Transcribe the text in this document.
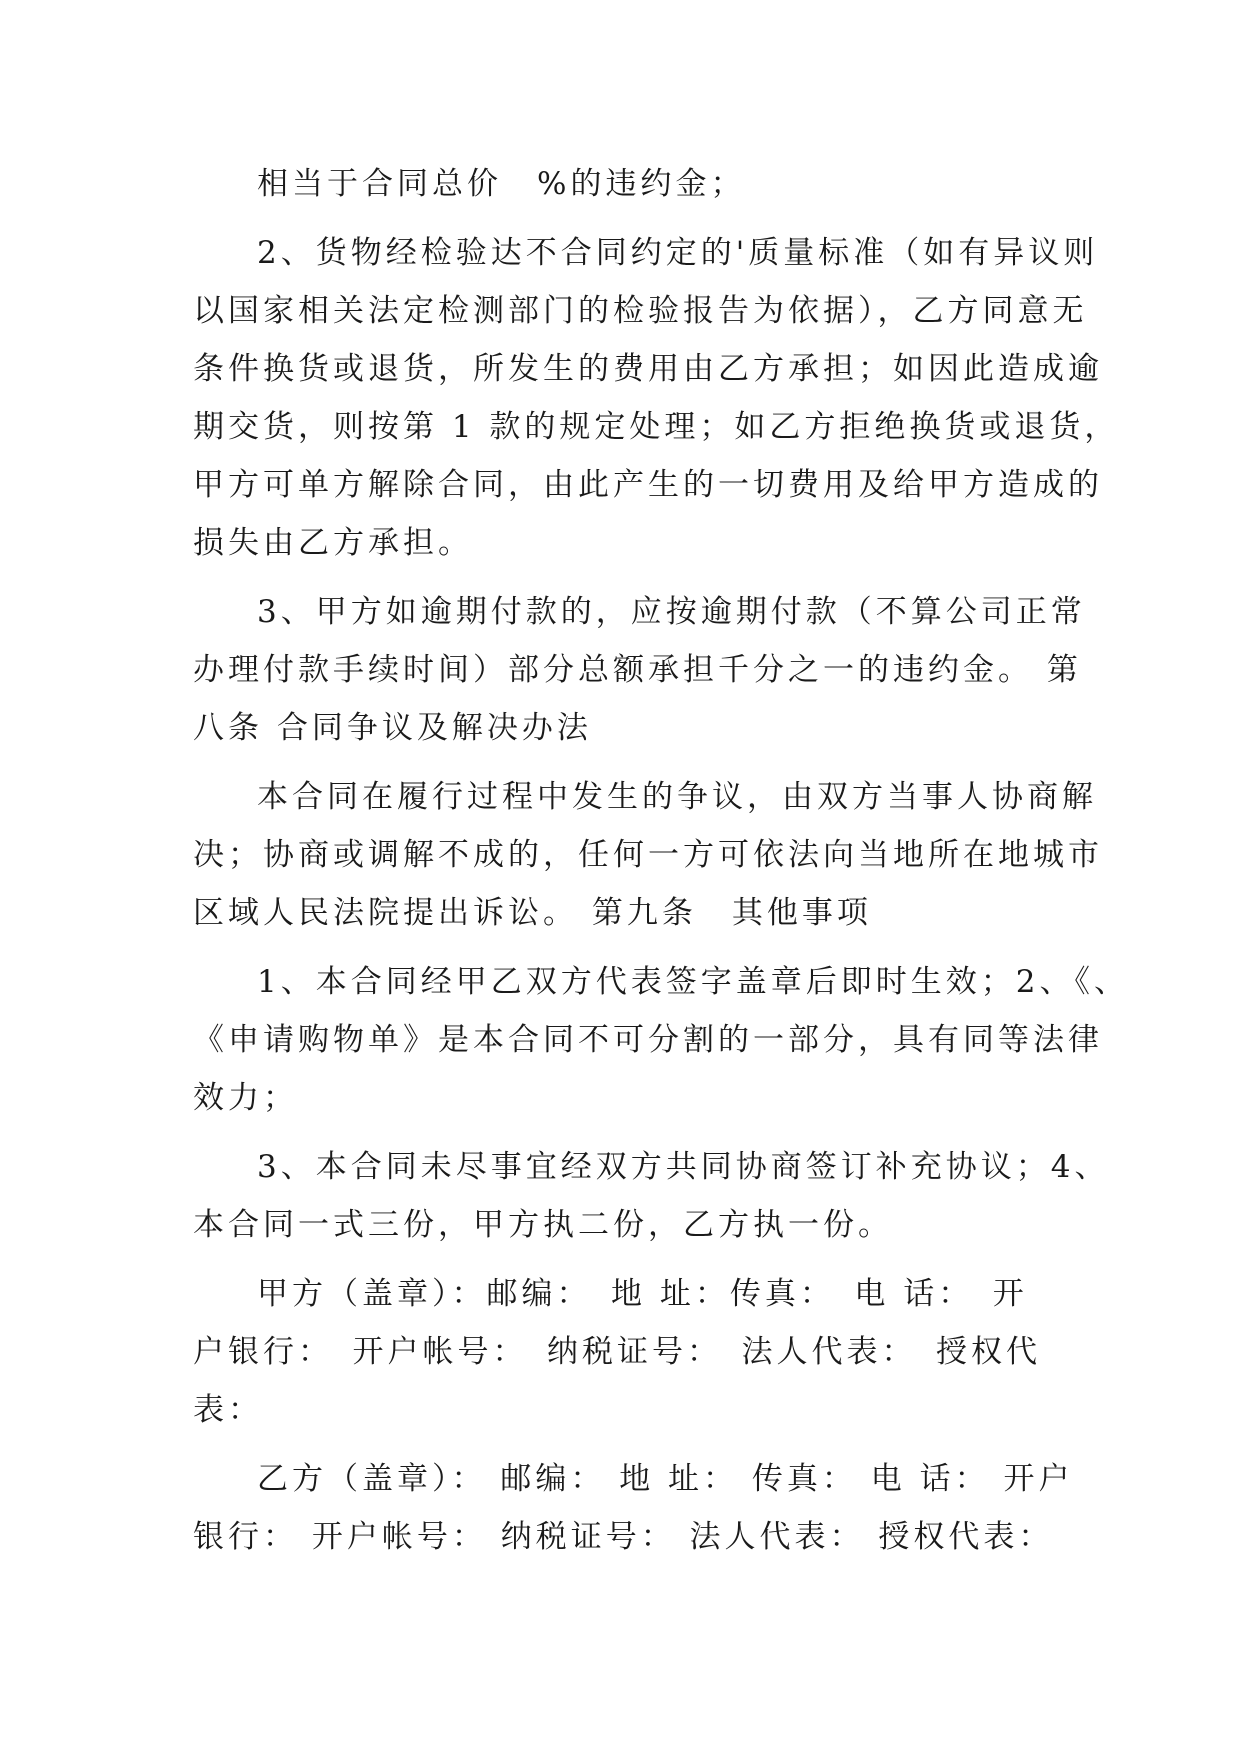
相当于合同总价　%的违约金；
2、货物经检验达不合同约定的'质量标准（如有异议则
以国家相关法定检测部门的检验报告为依据），乙方同意无
条件换货或退货，所发生的费用由乙方承担；如因此造成逾
期交货，则按第 1 款的规定处理；如乙方拒绝换货或退货，
甲方可单方解除合同，由此产生的一切费用及给甲方造成的
损失由乙方承担。
3、甲方如逾期付款的，应按逾期付款（不算公司正常
办理付款手续时间）部分总额承担千分之一的违约金。 第
八条 合同争议及解决办法
本合同在履行过程中发生的争议，由双方当事人协商解
决；协商或调解不成的，任何一方可依法向当地所在地城市
区域人民法院提出诉讼。 第九条　其他事项
1、本合同经甲乙双方代表签字盖章后即时生效；2、《、
《申请购物单》是本合同不可分割的一部分，具有同等法律
效力；
3、本合同未尽事宜经双方共同协商签订补充协议；4、
本合同一式三份，甲方执二份，乙方执一份。
甲方（盖章）：邮编：　地 址：传真：　电 话：　开
户银行：　开户帐号：　纳税证号：　法人代表：　授权代
表：
乙方（盖章）： 邮编： 地 址： 传真： 电 话： 开户
银行： 开户帐号： 纳税证号： 法人代表： 授权代表：
